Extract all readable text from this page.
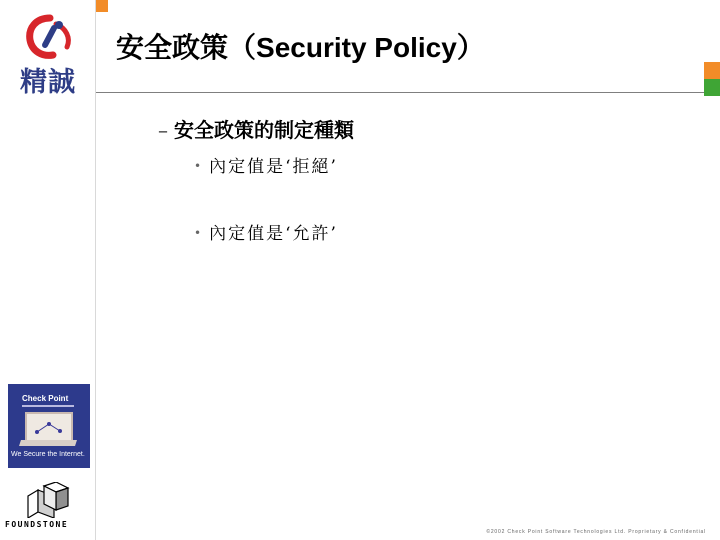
精誠
安全政策（Security Policy）
– 安全政策的制定種類
• 內定值是‘拒絕’
• 內定值是‘允許’
Check Point
We Secure the Internet.
FOUNDSTONE
©2002 Check Point Software Technologies Ltd. Proprietary & Confidential
